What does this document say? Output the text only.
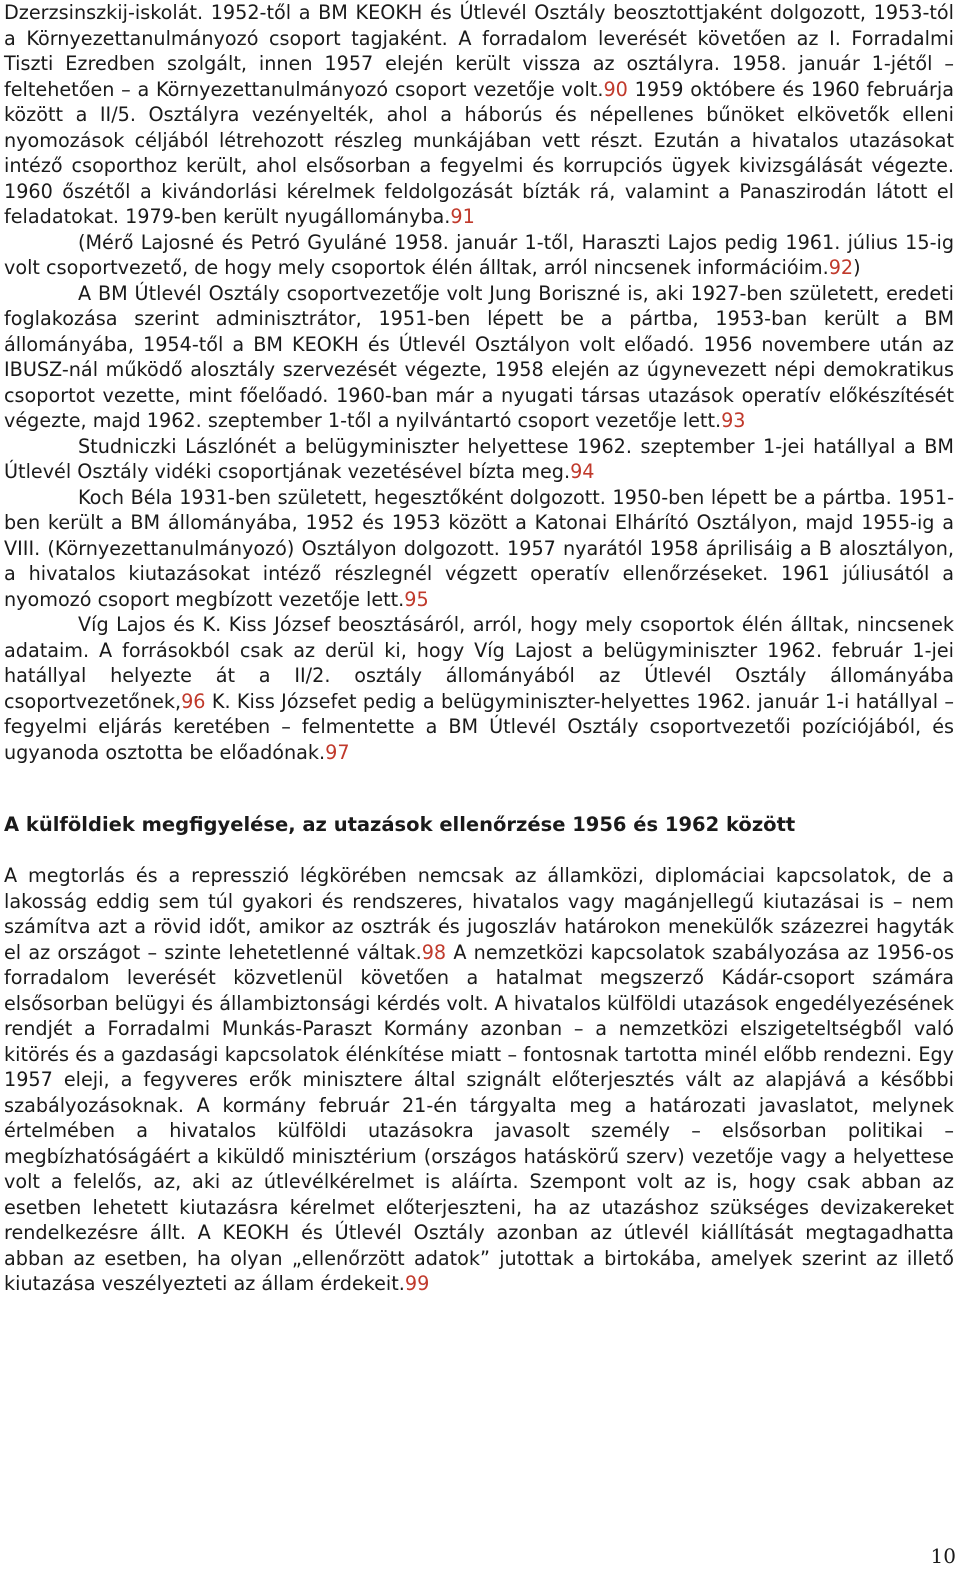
Dzerzsinszkij-iskolát. 1952-től a BM KEOKH és Útlevél Osztály beosztottjaként dolgozott, 1953-tól a Környezettanulmányozó csoport tagjaként. A forradalom leverését követően az I. Forradalmi Tiszti Ezredben szolgált, innen 1957 elején került vissza az osztályra. 1958. január 1-jétől – feltehetően – a Környezettanulmányozó csoport vezetője volt.90 1959 októbere és 1960 februárja között a II/5. Osztályra vezényelték, ahol a háborús és népellenes bűnöket elkövetők elleni nyomozások céljából létrehozott részleg munkájában vett részt. Ezután a hivatalos utazásokat intéző csoporthoz került, ahol elsősorban a fegyelmi és korrupciós ügyek kivizsgálását végezte. 1960 őszétől a kivándorlási kérelmek feldolgozását bízták rá, valamint a Panaszirodán látott el feladatokat. 1979-ben került nyugállományba.91

(Mérő Lajosné és Petró Gyuláné 1958. január 1-től, Haraszti Lajos pedig 1961. július 15-ig volt csoportvezető, de hogy mely csoportok élén álltak, arról nincsenek információim.92)

A BM Útlevél Osztály csoportvezetője volt Jung Boriszné is, aki 1927-ben született, eredeti foglakozása szerint adminisztrátor, 1951-ben lépett be a pártba, 1953-ban került a BM állományába, 1954-től a BM KEOKH és Útlevél Osztályon volt előadó. 1956 novembere után az IBUSZ-nál működő alosztály szervezését végezte, 1958 elején az úgynevezett népi demokratikus csoportot vezette, mint főelőadó. 1960-ban már a nyugati társas utazások operatív előkészítését végezte, majd 1962. szeptember 1-től a nyilvántartó csoport vezetője lett.93

Studniczki Lászlónét a belügyminiszter helyettese 1962. szeptember 1-jei hatállyal a BM Útlevél Osztály vidéki csoportjának vezetésével bízta meg.94

Koch Béla 1931-ben született, hegesztőként dolgozott. 1950-ben lépett be a pártba. 1951-ben került a BM állományába, 1952 és 1953 között a Katonai Elhárító Osztályon, majd 1955-ig a VIII. (Környezettanulmányozó) Osztályon dolgozott. 1957 nyarától 1958 áprilisáig a B alosztályon, a hivatalos kiutazásokat intéző részlegnél végzett operatív ellenőrzéseket. 1961 júliusától a nyomozó csoport megbízott vezetője lett.95

Víg Lajos és K. Kiss József beosztásáról, arról, hogy mely csoportok élén álltak, nincsenek adataim. A forrásokból csak az derül ki, hogy Víg Lajost a belügyminiszter 1962. február 1-jei hatállyal helyezte át a II/2. osztály állományából az Útlevél Osztály állományába csoportvezetőnek,96 K. Kiss Józsefet pedig a belügyminiszter-helyettes 1962. január 1-i hatállyal – fegyelmi eljárás keretében – felmentette a BM Útlevél Osztály csoportvezetői pozíciójából, és ugyanoda osztotta be előadónak.97

A külföldiek megfigyelése, az utazások ellenőrzése 1956 és 1962 között

A megtorlás és a represszió légkörében nemcsak az államközi, diplomáciai kapcsolatok, de a lakosság eddig sem túl gyakori és rendszeres, hivatalos vagy magánjellegű kiutazásai is – nem számítva azt a rövid időt, amikor az osztrák és jugoszláv határokon menekülők százezrei hagyták el az országot – szinte lehetetlenné váltak.98 A nemzetközi kapcsolatok szabályozása az 1956-os forradalom leverését közvetlenül követően a hatalmat megszerző Kádár-csoport számára elsősorban belügyi és állambiztonsági kérdés volt. A hivatalos külföldi utazások engedélyezésének rendjét a Forradalmi Munkás-Paraszt Kormány azonban – a nemzetközi elszigeteltségből való kitörés és a gazdasági kapcsolatok élénkítése miatt – fontosnak tartotta minél előbb rendezni. Egy 1957 eleji, a fegyveres erők minisztere által szignált előterjesztés vált az alapjává a későbbi szabályozásoknak. A kormány február 21-én tárgyalta meg a határozati javaslatot, melynek értelmében a hivatalos külföldi utazásokra javasolt személy – elsősorban politikai – megbízhatóságáért a kiküldő minisztérium (országos hatáskörű szerv) vezetője vagy a helyettese volt a felelős, az, aki az útlevélkérelmet is aláírta. Szempont volt az is, hogy csak abban az esetben lehetett kiutazásra kérelmet előterjeszteni, ha az utazáshoz szükséges devizakereket rendelkezésre állt. A KEOKH és Útlevél Osztály azonban az útlevél kiállítását megtagadhatta abban az esetben, ha olyan „ellenőrzött adatok” jutottak a birtokába, amelyek szerint az illető kiutazása veszélyezteti az állam érdekeit.99

10
